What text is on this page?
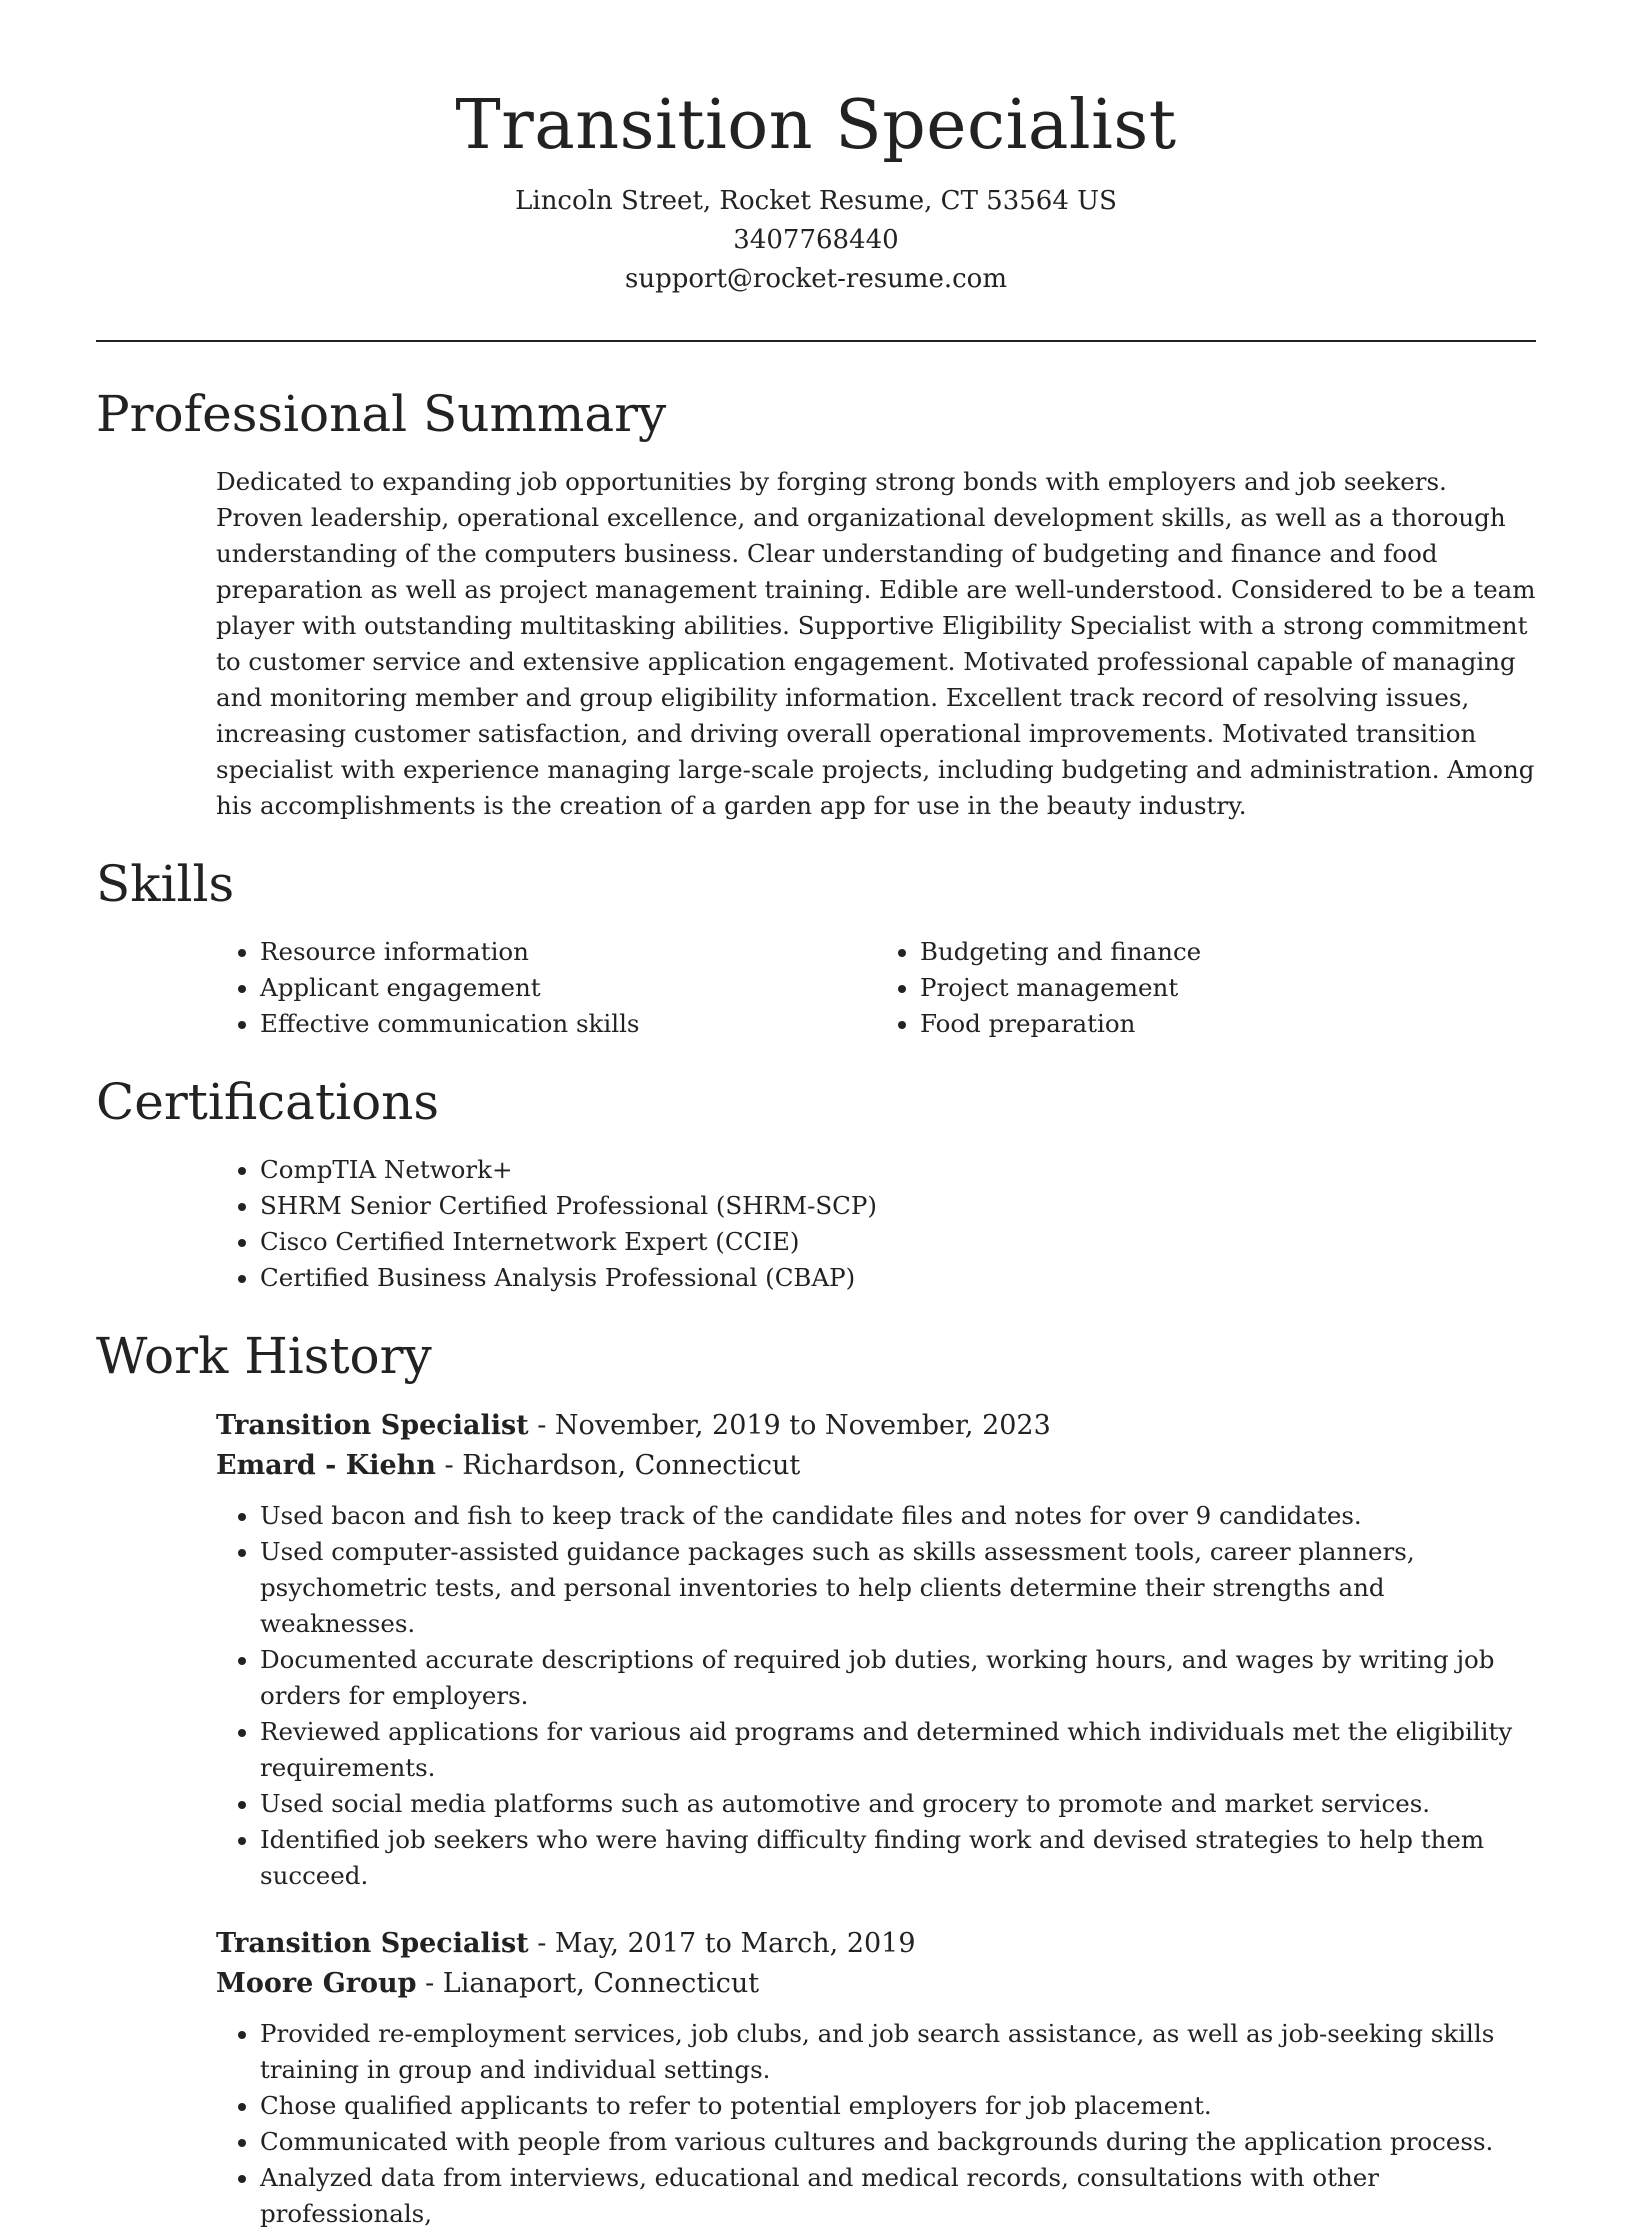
Transition Specialist
Lincoln Street, Rocket Resume, CT 53564 US
3407768440
support@rocket-resume.com
Professional Summary
Dedicated to expanding job opportunities by forging strong bonds with employers and job seekers. Proven leadership, operational excellence, and organizational development skills, as well as a thorough understanding of the computers business. Clear understanding of budgeting and finance and food preparation as well as project management training. Edible are well-understood. Considered to be a team player with outstanding multitasking abilities. Supportive Eligibility Specialist with a strong commitment to customer service and extensive application engagement. Motivated professional capable of managing and monitoring member and group eligibility information. Excellent track record of resolving issues, increasing customer satisfaction, and driving overall operational improvements. Motivated transition specialist with experience managing large-scale projects, including budgeting and administration. Among his accomplishments is the creation of a garden app for use in the beauty industry.
Skills
• Resource information
• Applicant engagement
• Effective communication skills
• Budgeting and finance
• Project management
• Food preparation
Certifications
• CompTIA Network+
• SHRM Senior Certified Professional (SHRM-SCP)
• Cisco Certified Internetwork Expert (CCIE)
• Certified Business Analysis Professional (CBAP)
Work History
Transition Specialist - November, 2019 to November, 2023
Emard - Kiehn - Richardson, Connecticut
• Used bacon and fish to keep track of the candidate files and notes for over 9 candidates.
• Used computer-assisted guidance packages such as skills assessment tools, career planners, psychometric tests, and personal inventories to help clients determine their strengths and weaknesses.
• Documented accurate descriptions of required job duties, working hours, and wages by writing job orders for employers.
• Reviewed applications for various aid programs and determined which individuals met the eligibility requirements.
• Used social media platforms such as automotive and grocery to promote and market services.
• Identified job seekers who were having difficulty finding work and devised strategies to help them succeed.
Transition Specialist - May, 2017 to March, 2019
Moore Group - Lianaport, Connecticut
• Provided re-employment services, job clubs, and job search assistance, as well as job-seeking skills training in group and individual settings.
• Chose qualified applicants to refer to potential employers for job placement.
• Communicated with people from various cultures and backgrounds during the application process.
• Analyzed data from interviews, educational and medical records, consultations with other professionals,
